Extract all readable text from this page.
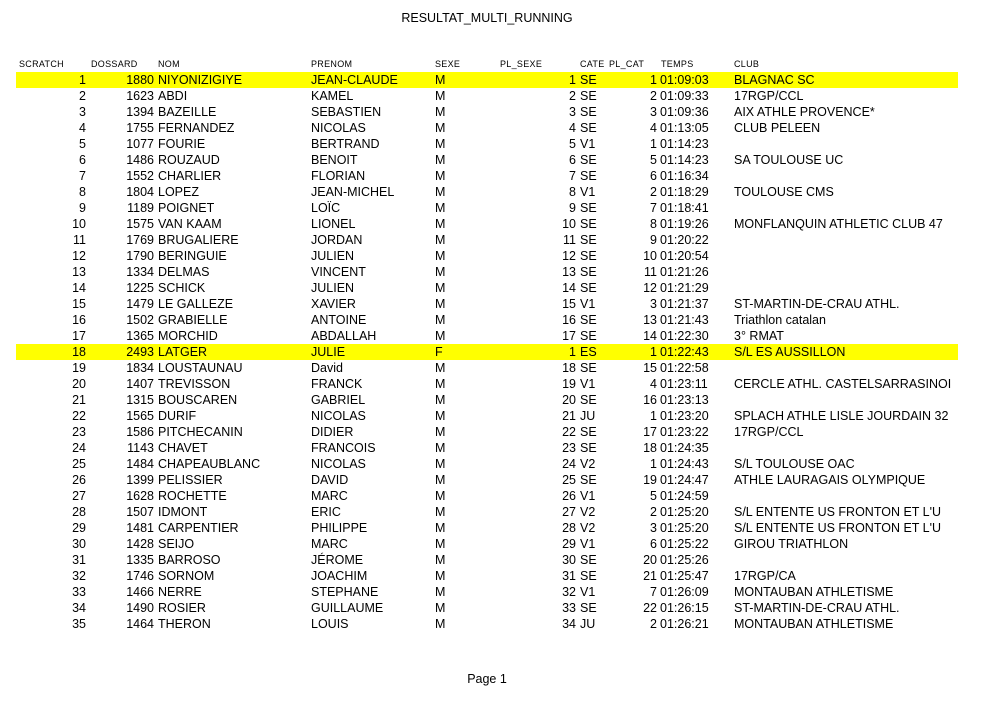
RESULTAT_MULTI_RUNNING
SCRATCH	DOSSARD NOM	PRENOM	SEXE	PL_SEXE	CATE PL_CAT TEMPS	CLUB
1	1880 NIYONIZIGIYE	JEAN-CLAUDE	M	1 SE	1 01:09:03	BLAGNAC SC
2	1623 ABDI	KAMEL	M	2 SE	2 01:09:33	17RGP/CCL
3	1394 BAZEILLE	SEBASTIEN	M	3 SE	3 01:09:36	AIX ATHLE PROVENCE*
4	1755 FERNANDEZ	NICOLAS	M	4 SE	4 01:13:05	CLUB PELEEN
5	1077 FOURIE	BERTRAND	M	5 V1	1 01:14:23
6	1486 ROUZAUD	BENOIT	M	6 SE	5 01:14:23	SA TOULOUSE UC
7	1552 CHARLIER	FLORIAN	M	7 SE	6 01:16:34
8	1804 LOPEZ	JEAN-MICHEL	M	8 V1	2 01:18:29	TOULOUSE CMS
9	1189 POIGNET	LOÏC	M	9 SE	7 01:18:41
10	1575 VAN KAAM	LIONEL	M	10 SE	8 01:19:26	MONFLANQUIN ATHLETIC CLUB 47
11	1769 BRUGALIERE	JORDAN	M	11 SE	9 01:20:22
12	1790 BERINGUIE	JULIEN	M	12 SE	10 01:20:54
13	1334 DELMAS	VINCENT	M	13 SE	11 01:21:26
14	1225 SCHICK	JULIEN	M	14 SE	12 01:21:29
15	1479 LE GALLEZE	XAVIER	M	15 V1	3 01:21:37	ST-MARTIN-DE-CRAU ATHL.
16	1502 GRABIELLE	ANTOINE	M	16 SE	13 01:21:43	Triathlon catalan
17	1365 MORCHID	ABDALLAH	M	17 SE	14 01:22:30	3° RMAT
18	2493 LATGER	JULIE	F	1 ES	1 01:22:43	S/L ES AUSSILLON
19	1834 LOUSTAUNAU	David	M	18 SE	15 01:22:58
20	1407 TREVISSON	FRANCK	M	19 V1	4 01:23:11	CERCLE ATHL. CASTELSARRASINOI
21	1315 BOUSCAREN	GABRIEL	M	20 SE	16 01:23:13
22	1565 DURIF	NICOLAS	M	21 JU	1 01:23:20	SPLACH ATHLE LISLE JOURDAIN 32
23	1586 PITCHECANIN	DIDIER	M	22 SE	17 01:23:22	17RGP/CCL
24	1143 CHAVET	FRANCOIS	M	23 SE	18 01:24:35
25	1484 CHAPEAUBLANC	NICOLAS	M	24 V2	1 01:24:43	S/L TOULOUSE OAC
26	1399 PELISSIER	DAVID	M	25 SE	19 01:24:47	ATHLE LAURAGAIS OLYMPIQUE
27	1628 ROCHETTE	MARC	M	26 V1	5 01:24:59
28	1507 IDMONT	ERIC	M	27 V2	2 01:25:20	S/L ENTENTE US FRONTON ET L'U
29	1481 CARPENTIER	PHILIPPE	M	28 V2	3 01:25:20	S/L ENTENTE US FRONTON ET L'U
30	1428 SEIJO	MARC	M	29 V1	6 01:25:22	GIROU TRIATHLON
31	1335 BARROSO	JÉROME	M	30 SE	20 01:25:26
32	1746 SORNOM	JOACHIM	M	31 SE	21 01:25:47	17RGP/CA
33	1466 NERRE	STEPHANE	M	32 V1	7 01:26:09	MONTAUBAN ATHLETISME
34	1490 ROSIER	GUILLAUME	M	33 SE	22 01:26:15	ST-MARTIN-DE-CRAU ATHL.
35	1464 THERON	LOUIS	M	34 JU	2 01:26:21	MONTAUBAN ATHLETISME
Page 1
